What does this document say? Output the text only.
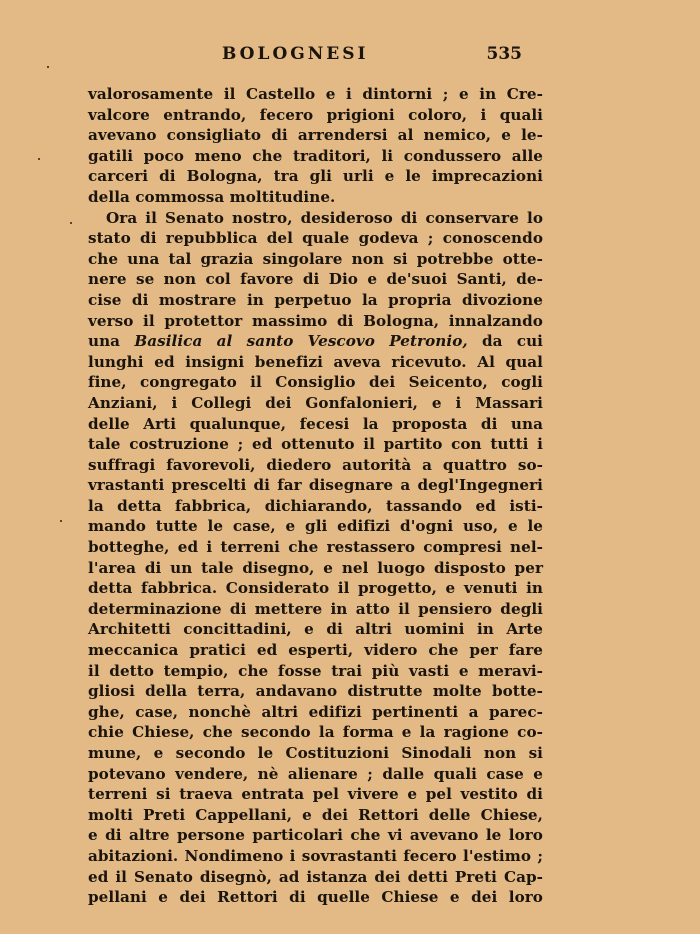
BOLOGNESI	535
valorosamente il Castello e i dintorni ; e in Cre-
valcore entrando, fecero prigioni coloro, i quali
avevano consigliato di arrendersi al nemico, e le-
gatili poco meno che traditori, li condussero alle
carceri di Bologna, tra gli urli e le imprecazioni
della commossa moltitudine.
Ora il Senato nostro, desideroso di conservare lo
stato di repubblica del quale godeva ; conoscendo
che una tal grazia singolare non si potrebbe otte-
nere se non col favore di Dio e de'suoi Santi, de-
cise di mostrare in perpetuo la propria divozione
verso il protettor massimo di Bologna, innalzando
una Basilica al santo Vescovo Petronio, da cui
lunghi ed insigni benefizi aveva ricevuto. Al qual
fine, congregato il Consiglio dei Seicento, cogli
Anziani, i Collegi dei Gonfalonieri, e i Massari
delle Arti qualunque, fecesi la proposta di una
tale costruzione ; ed ottenuto il partito con tutti i
suffragi favorevoli, diedero autorità a quattro so-
vrastanti prescelti di far disegnare a degl'Ingegneri
la detta fabbrica, dichiarando, tassando ed isti-
mando tutte le case, e gli edifizi d'ogni uso, e le
botteghe, ed i terreni che restassero compresi nel-
l'area di un tale disegno, e nel luogo disposto per
detta fabbrica. Considerato il progetto, e venuti in
determinazione di mettere in atto il pensiero degli
Architetti concittadini, e di altri uomini in Arte
meccanica pratici ed esperti, videro che per fare
il detto tempio, che fosse trai più vasti e meravi-
gliosi della terra, andavano distrutte molte botte-
ghe, case, nonchè altri edifizi pertinenti a parec-
chie Chiese, che secondo la forma e la ragione co-
mune, e secondo le Costituzioni Sinodali non si
potevano vendere, nè alienare ; dalle quali case e
terreni si traeva entrata pel vivere e pel vestito di
molti Preti Cappellani, e dei Rettori delle Chiese,
e di altre persone particolari che vi avevano le loro
abitazioni. Nondimeno i sovrastanti fecero l'estimo ;
ed il Senato disegnò, ad istanza dei detti Preti Cap-
pellani e dei Rettori di quelle Chiese e dei loro
